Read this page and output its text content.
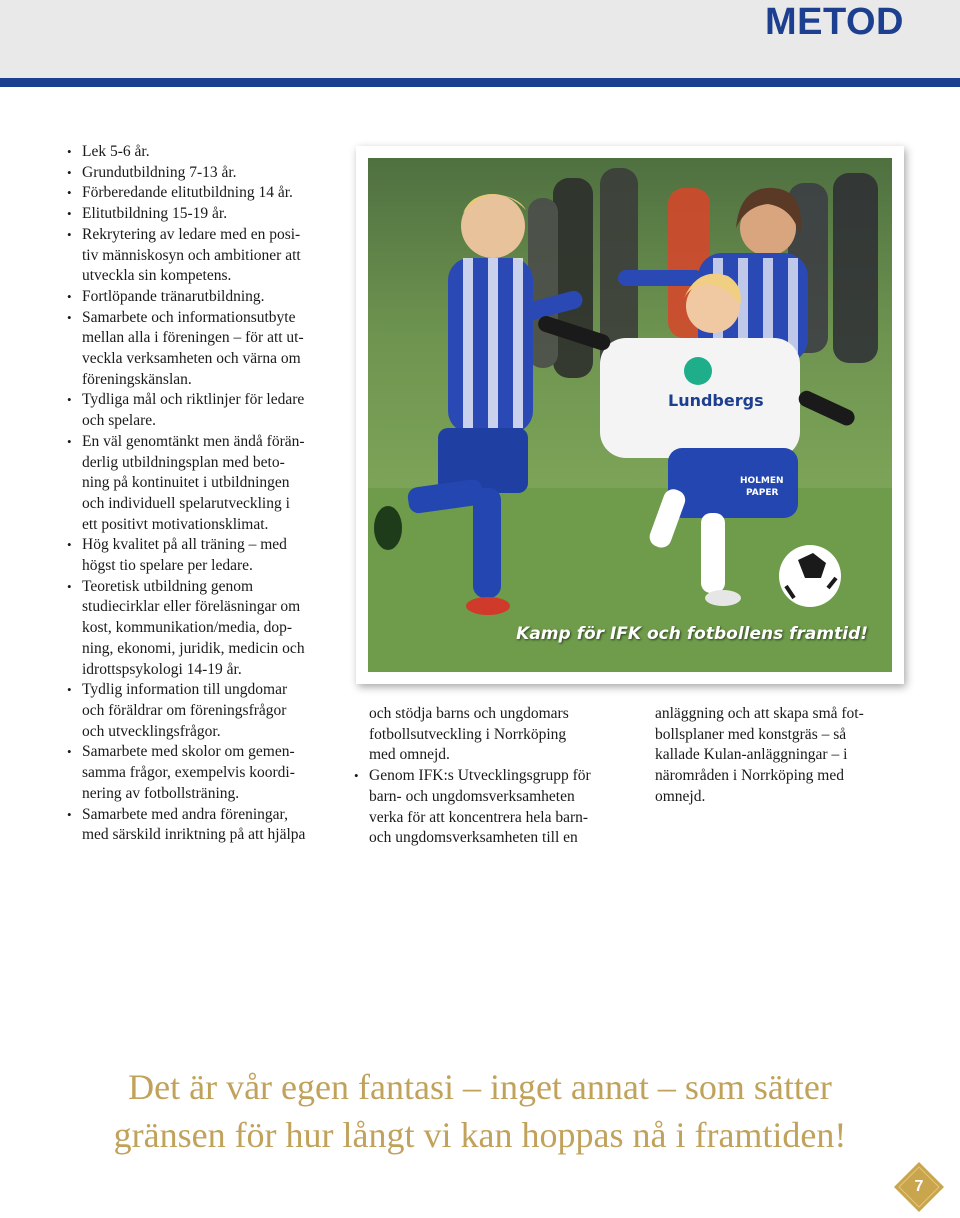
METOD
• Lek 5-6 år.
• Grundutbildning 7-13 år.
• Förberedande elitutbildning 14 år.
• Elitutbildning 15-19 år.
• Rekrytering av ledare med en posi-
tiv människosyn och ambitioner att
utveckla sin kompetens.
• Fortlöpande tränarutbildning.
• Samarbete och informationsutbyte
mellan alla i föreningen – för att ut-
veckla verksamheten och värna om
föreningskänslan.
• Tydliga mål och riktlinjer för ledare
och spelare.
• En väl genomtänkt men ändå förän-
derlig utbildningsplan med beto-
ning på kontinuitet i utbildningen
och individuell spelarutveckling i
ett positivt motivationsklimat.
• Hög kvalitet på all träning – med
högst tio spelare per ledare.
• Teoretisk utbildning genom
studiecirklar eller föreläsningar om
kost, kommunikation/media, dop-
ning, ekonomi, juridik, medicin och
idrottspsykologi 14-19 år.
• Tydlig information till ungdomar
och föräldrar om föreningsfrågor
och utvecklingsfrågor.
• Samarbete med skolor om gemen-
samma frågor, exempelvis koordi-
nering av fotbollsträning.
• Samarbete med andra föreningar,
med särskild inriktning på att hjälpa
Lundbergs
HOLMEN
PAPER
Kamp för IFK och fotbollens framtid!
och stödja barns och ungdomars
fotbollsutveckling i Norrköping
med omnejd.
• Genom IFK:s Utvecklingsgrupp för
barn- och ungdomsverksamheten
verka för att koncentrera hela barn-
och ungdomsverksamheten till en
anläggning och att skapa små fot-
bollsplaner med konstgräs – så
kallade Kulan-anläggningar – i
närområden i Norrköping med
omnejd.
Det är vår egen fantasi – inget annat – som sätter
gränsen för hur långt vi kan hoppas nå i framtiden!
7
